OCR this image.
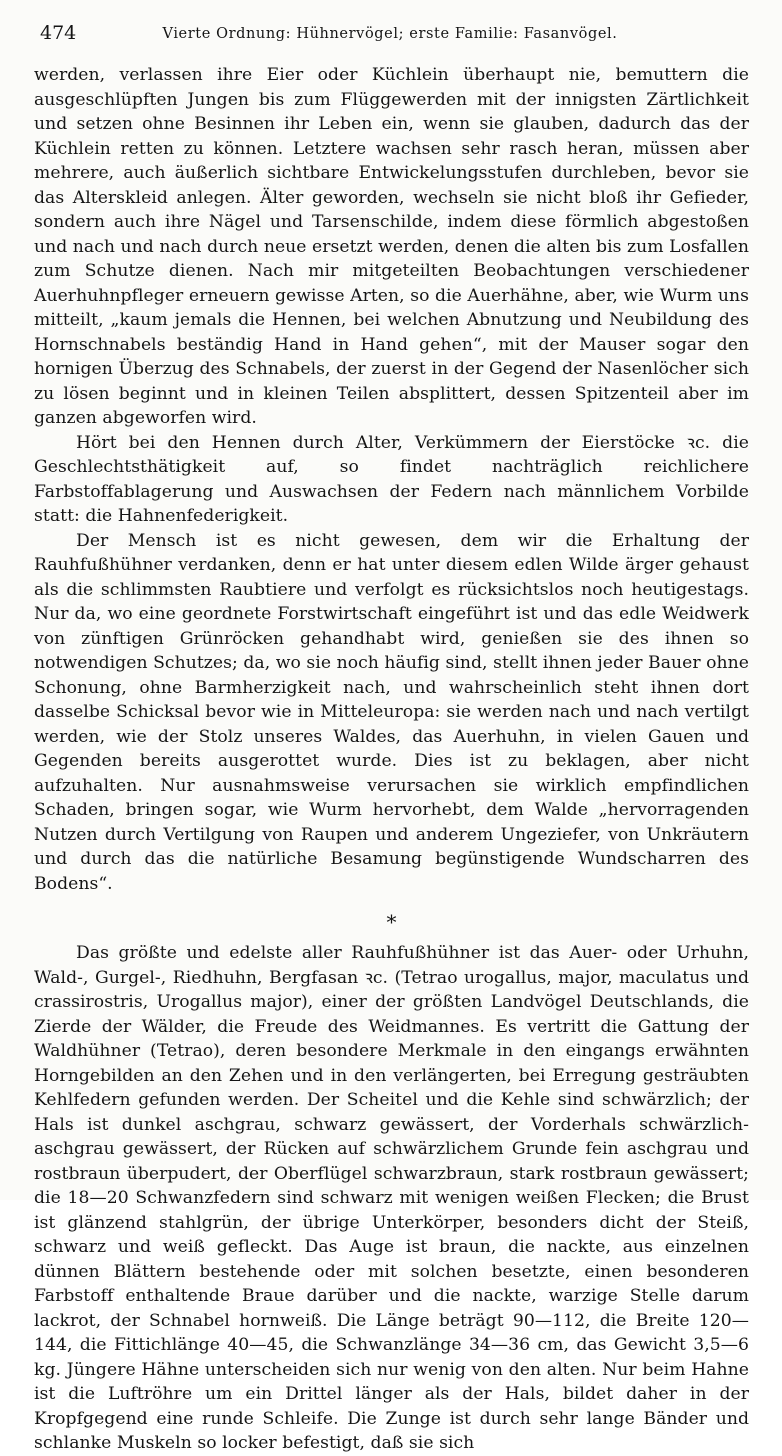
474	Vierte Ordnung: Hühnervögel; erste Familie: Fasanvögel.

werden, verlassen ihre Eier oder Küchlein überhaupt nie, bemuttern die ausgeschlüpften Jungen bis zum Flüggewerden mit der innigsten Zärtlichkeit und setzen ohne Besinnen ihr Leben ein, wenn sie glauben, dadurch das der Küchlein retten zu können. Letztere wachsen sehr rasch heran, müssen aber mehrere, auch äußerlich sichtbare Entwickelungsstufen durchleben, bevor sie das Alterskleid anlegen. Älter geworden, wechseln sie nicht bloß ihr Gefieder, sondern auch ihre Nägel und Tarsenschilde, indem diese förmlich abgestoßen und nach und nach durch neue ersetzt werden, denen die alten bis zum Losfallen zum Schutze dienen. Nach mir mitgeteilten Beobachtungen verschiedener Auerhuhnpfleger erneuern gewisse Arten, so die Auerhähne, aber, wie Wurm uns mitteilt, „kaum jemals die Hennen, bei welchen Abnutzung und Neubildung des Hornschnabels beständig Hand in Hand gehen“, mit der Mauser sogar den hornigen Überzug des Schnabels, der zuerst in der Gegend der Nasenlöcher sich zu lösen beginnt und in kleinen Teilen absplittert, dessen Spitzenteil aber im ganzen abgeworfen wird.

Hört bei den Hennen durch Alter, Verkümmern der Eierstöcke ꝛc. die Geschlechtsthätigkeit auf, so findet nachträglich reichlichere Farbstoffablagerung und Auswachsen der Federn nach männlichem Vorbilde statt: die Hahnenfederigkeit.

Der Mensch ist es nicht gewesen, dem wir die Erhaltung der Rauhfußhühner verdanken, denn er hat unter diesem edlen Wilde ärger gehaust als die schlimmsten Raubtiere und verfolgt es rücksichtslos noch heutigestags. Nur da, wo eine geordnete Forstwirtschaft eingeführt ist und das edle Weidwerk von zünftigen Grünröcken gehandhabt wird, genießen sie des ihnen so notwendigen Schutzes; da, wo sie noch häufig sind, stellt ihnen jeder Bauer ohne Schonung, ohne Barmherzigkeit nach, und wahrscheinlich steht ihnen dort dasselbe Schicksal bevor wie in Mitteleuropa: sie werden nach und nach vertilgt werden, wie der Stolz unseres Waldes, das Auerhuhn, in vielen Gauen und Gegenden bereits ausgerottet wurde. Dies ist zu beklagen, aber nicht aufzuhalten. Nur ausnahmsweise verursachen sie wirklich empfindlichen Schaden, bringen sogar, wie Wurm hervorhebt, dem Walde „hervorragenden Nutzen durch Vertilgung von Raupen und anderem Ungeziefer, von Unkräutern und durch das die natürliche Besamung begünstigende Wundscharren des Bodens“.

*

Das größte und edelste aller Rauhfußhühner ist das Auer- oder Urhuhn, Wald-, Gurgel-, Riedhuhn, Bergfasan ꝛc. (Tetrao urogallus, major, maculatus und crassirostris, Urogallus major), einer der größten Landvögel Deutschlands, die Zierde der Wälder, die Freude des Weidmannes. Es vertritt die Gattung der Waldhühner (Tetrao), deren besondere Merkmale in den eingangs erwähnten Horngebilden an den Zehen und in den verlängerten, bei Erregung gesträubten Kehlfedern gefunden werden. Der Scheitel und die Kehle sind schwärzlich; der Hals ist dunkel aschgrau, schwarz gewässert, der Vorderhals schwärzlich-aschgrau gewässert, der Rücken auf schwärzlichem Grunde fein aschgrau und rostbraun überpudert, der Oberflügel schwarzbraun, stark rostbraun gewässert; die 18—20 Schwanzfedern sind schwarz mit wenigen weißen Flecken; die Brust ist glänzend stahlgrün, der übrige Unterkörper, besonders dicht der Steiß, schwarz und weiß gefleckt. Das Auge ist braun, die nackte, aus einzelnen dünnen Blättern bestehende oder mit solchen besetzte, einen besonderen Farbstoff enthaltende Braue darüber und die nackte, warzige Stelle darum lackrot, der Schnabel hornweiß. Die Länge beträgt 90—112, die Breite 120—144, die Fittichlänge 40—45, die Schwanzlänge 34—36 cm, das Gewicht 3,5—6 kg. Jüngere Hähne unterscheiden sich nur wenig von den alten. Nur beim Hahne ist die Luftröhre um ein Drittel länger als der Hals, bildet daher in der Kropfgegend eine runde Schleife. Die Zunge ist durch sehr lange Bänder und schlanke Muskeln so locker befestigt, daß sie sich
